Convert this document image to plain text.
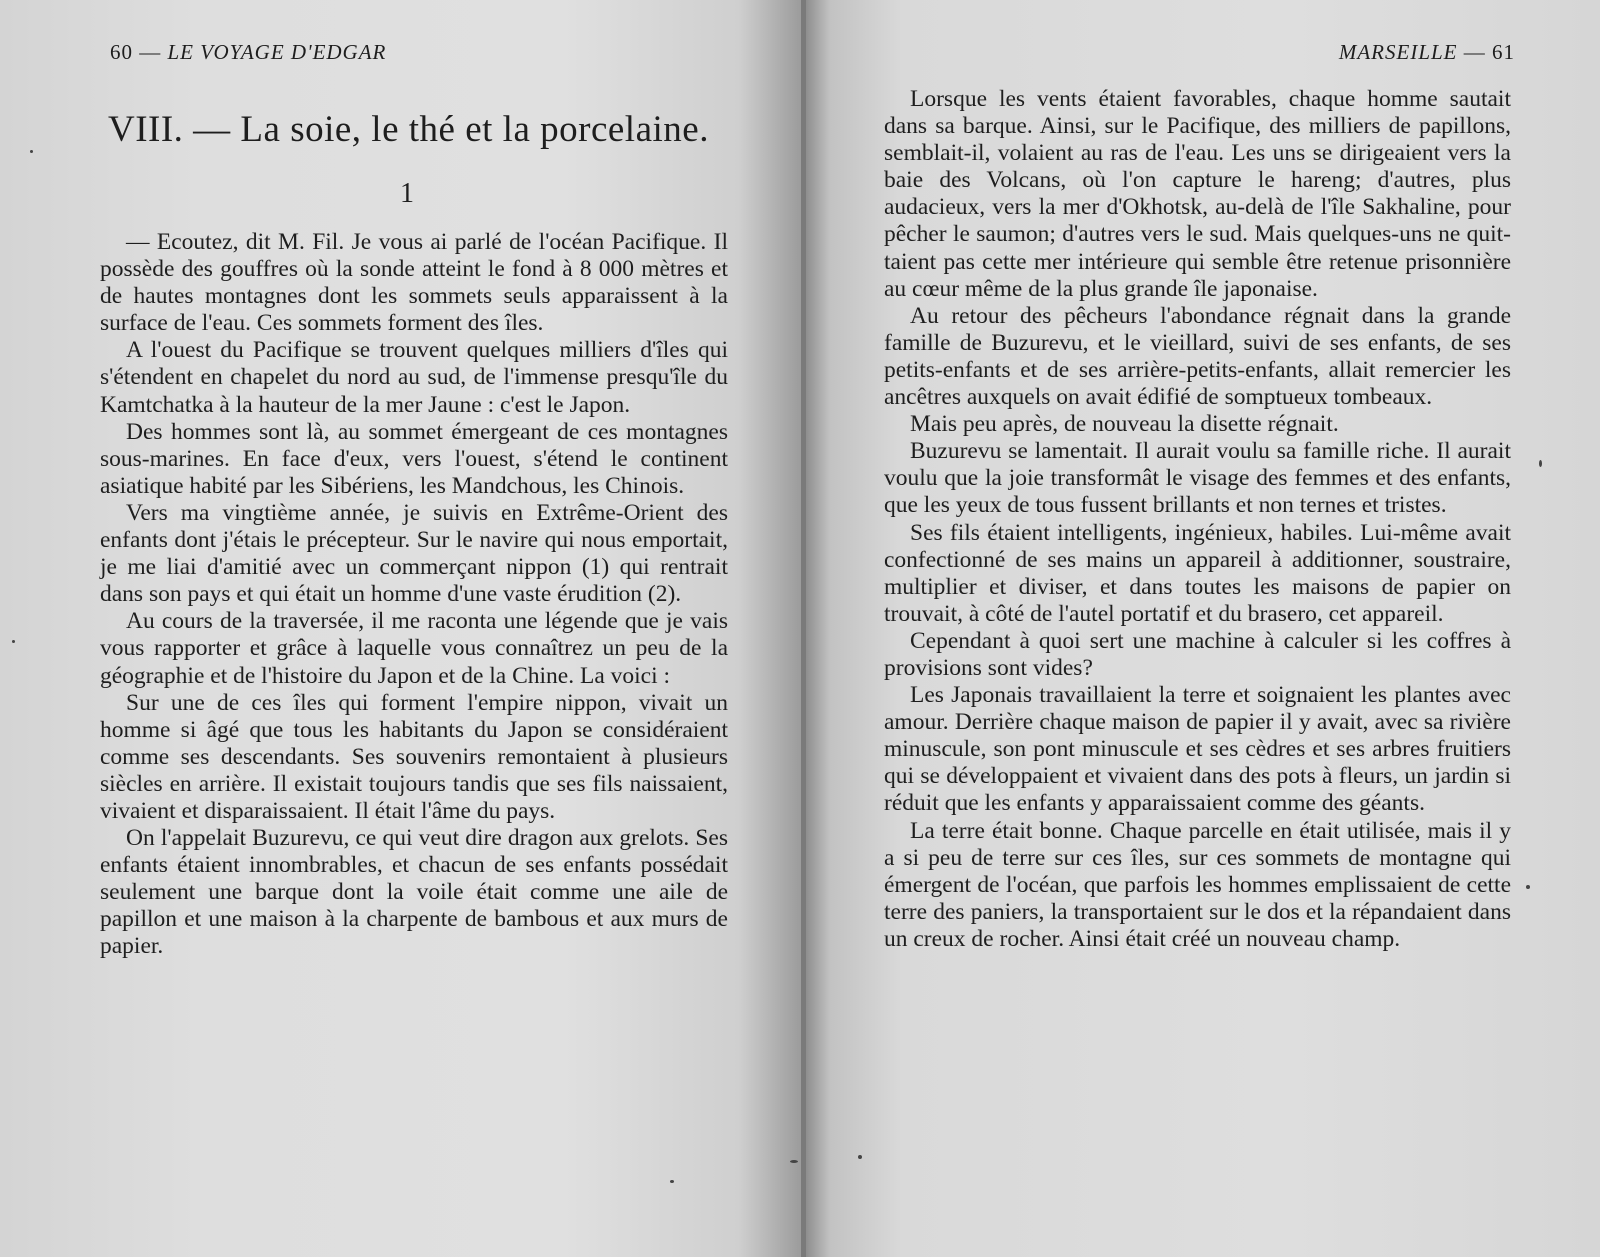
60 — LE VOYAGE D'EDGAR
VIII. — La soie, le thé et la porcelaine.
1

— Ecoutez, dit M. Fil. Je vous ai parlé de l'océan Pacifique. Il possède des gouffres où la sonde atteint le fond à 8 000 mètres et de hautes montagnes dont les sommets seuls apparaissent à la surface de l'eau. Ces sommets forment des îles.

A l'ouest du Pacifique se trouvent quelques milliers d'îles qui s'étendent en chapelet du nord au sud, de l'immense presqu'île du Kamtchatka à la hauteur de la mer Jaune : c'est le Japon.

Des hommes sont là, au sommet émergeant de ces montagnes sous-marines. En face d'eux, vers l'ouest, s'étend le continent asiatique habité par les Sibériens, les Mandchous, les Chinois.

Vers ma vingtième année, je suivis en Extrême-Orient des enfants dont j'étais le précepteur. Sur le navire qui nous emportait, je me liai d'amitié avec un commerçant nippon (1) qui rentrait dans son pays et qui était un homme d'une vaste érudition (2).

Au cours de la traversée, il me raconta une légende que je vais vous rapporter et grâce à laquelle vous connaîtrez un peu de la géographie et de l'histoire du Japon et de la Chine. La voici :

Sur une de ces îles qui forment l'empire nippon, vivait un homme si âgé que tous les habitants du Japon se considéraient comme ses descendants. Ses souvenirs remontaient à plusieurs siècles en arrière. Il existait toujours tandis que ses fils naissaient, vivaient et disparaissaient. Il était l'âme du pays.

On l'appelait Buzurevu, ce qui veut dire dragon aux grelots. Ses enfants étaient innombrables, et chacun de ses enfants possédait seulement une barque dont la voile était comme une aile de papillon et une maison à la charpente de bambous et aux murs de papier.

MARSEILLE — 61

Lorsque les vents étaient favorables, chaque homme sautait dans sa barque. Ainsi, sur le Pacifique, des milliers de papillons, semblait-il, volaient au ras de l'eau. Les uns se dirigeaient vers la baie des Volcans, où l'on capture le hareng; d'autres, plus audacieux, vers la mer d'Okhotsk, au-delà de l'île Sakhaline, pour pêcher le saumon; d'autres vers le sud. Mais quelques-uns ne quittaient pas cette mer intérieure qui semble être retenue prisonnière au cœur même de la plus grande île japonaise.

Au retour des pêcheurs l'abondance régnait dans la grande famille de Buzurevu, et le vieillard, suivi de ses enfants, de ses petits-enfants et de ses arrière-petits-enfants, allait remercier les ancêtres auxquels on avait édifié de somptueux tombeaux.

Mais peu après, de nouveau la disette régnait.

Buzurevu se lamentait. Il aurait voulu sa famille riche. Il aurait voulu que la joie transformât le visage des femmes et des enfants, que les yeux de tous fussent brillants et non ternes et tristes.

Ses fils étaient intelligents, ingénieux, habiles. Lui-même avait confectionné de ses mains un appareil à additionner, soustraire, multiplier et diviser, et dans toutes les maisons de papier on trouvait, à côté de l'autel portatif et du brasero, cet appareil.

Cependant à quoi sert une machine à calculer si les coffres à provisions sont vides?

Les Japonais travaillaient la terre et soignaient les plantes avec amour. Derrière chaque maison de papier il y avait, avec sa rivière minuscule, son pont minuscule et ses cèdres et ses arbres fruitiers qui se développaient et vivaient dans des pots à fleurs, un jardin si réduit que les enfants y apparaissaient comme des géants.

La terre était bonne. Chaque parcelle en était utilisée, mais il y a si peu de terre sur ces îles, sur ces sommets de montagne qui émergent de l'océan, que parfois les hommes emplissaient de cette terre des paniers, la transportaient sur le dos et la répandaient dans un creux de rocher. Ainsi était créé un nouveau champ.
